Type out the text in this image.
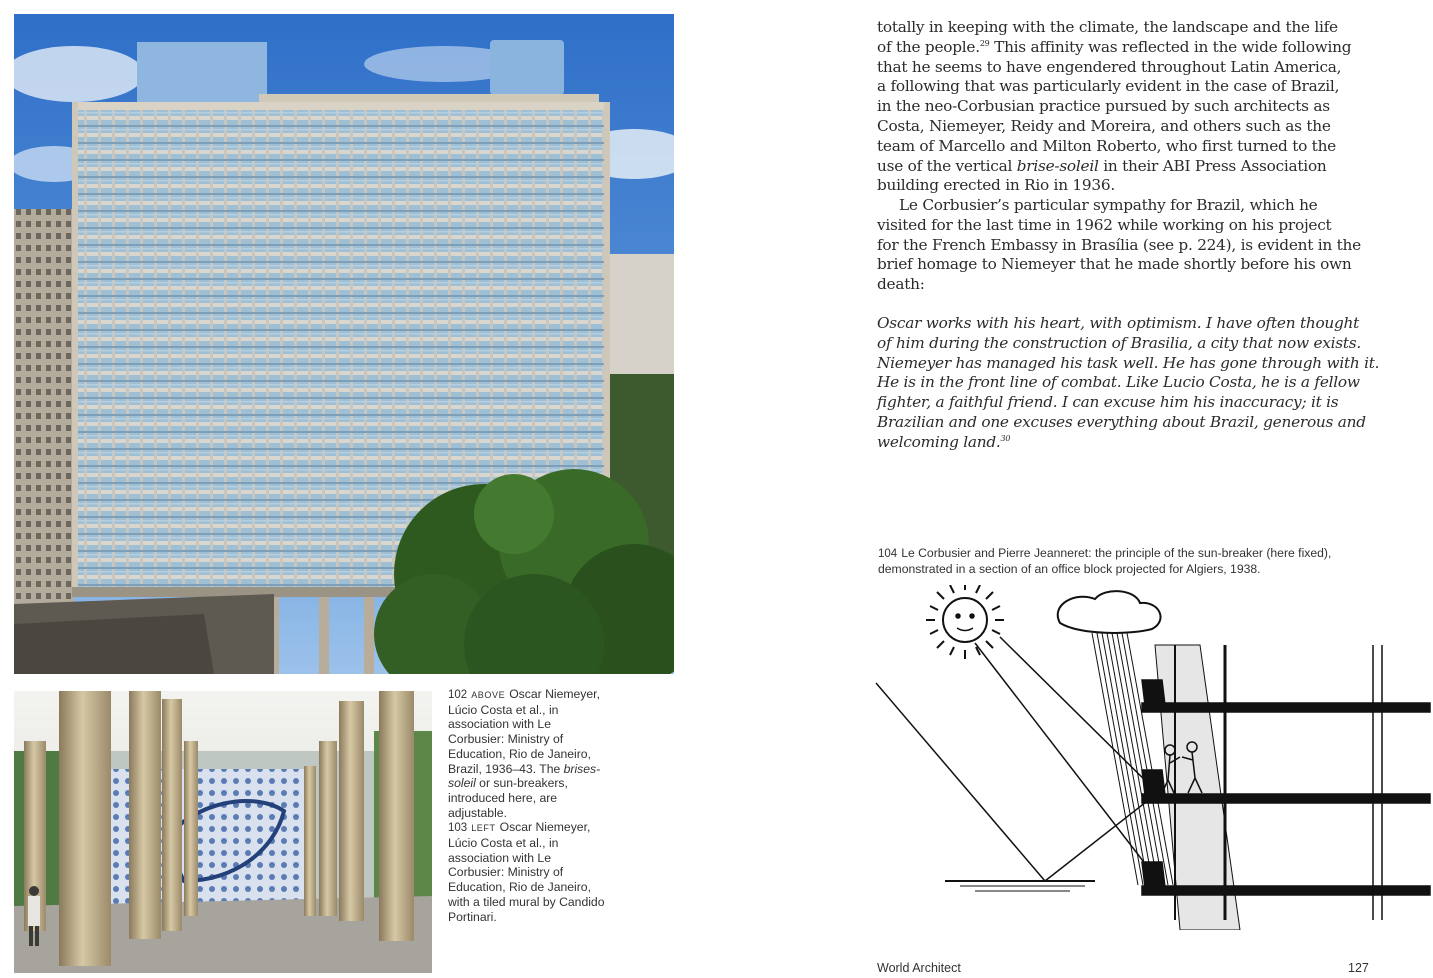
102 ABOVE Oscar Niemeyer, Lúcio Costa et al., in association with Le Corbusier: Ministry of Education, Rio de Janeiro, Brazil, 1936–43. The brises-soleil or sun-breakers, introduced here, are adjustable.
103 LEFT Oscar Niemeyer, Lúcio Costa et al., in association with Le Corbusier: Ministry of Education, Rio de Janeiro, with a tiled mural by Candido Portinari.
totally in keeping with the climate, the landscape and the life
of the people.$^{29}$ This affinity was reflected in the wide following
that he seems to have engendered throughout Latin America,
a following that was particularly evident in the case of Brazil,
in the neo-Corbusian practice pursued by such architects as
Costa, Niemeyer, Reidy and Moreira, and others such as the
team of Marcello and Milton Roberto, who first turned to the
use of the vertical brise-soleil in their ABI Press Association
building erected in Rio in 1936.
Le Corbusier’s particular sympathy for Brazil, which he
visited for the last time in 1962 while working on his project
for the French Embassy in Brasília (see p. 224), is evident in the
brief homage to Niemeyer that he made shortly before his own
death:
Oscar works with his heart, with optimism. I have often thought
of him during the construction of Brasilia, a city that now exists.
Niemeyer has managed his task well. He has gone through with it.
He is in the front line of combat. Like Lucio Costa, he is a fellow
fighter, a faithful friend. I can excuse him his inaccuracy; it is
Brazilian and one excuses everything about Brazil, generous and
welcoming land.$^{30}$
104 Le Corbusier and Pierre Jeanneret: the principle of the sun-breaker (here fixed), demonstrated in a section of an office block projected for Algiers, 1938.
World Architect	127
